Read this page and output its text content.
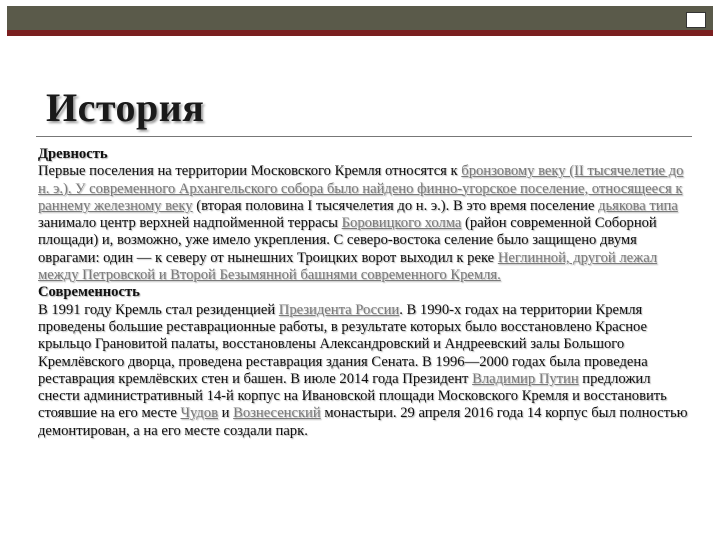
История

Древность

Первые поселения на территории Московского Кремля относятся к бронзовому веку (II тысячелетие до н. э.). У современного Архангельского собора было найдено финно-угорское поселение, относящееся к раннему железному веку (вторая половина I тысячелетия до н. э.). В это время поселение дьякова типа занимало центр верхней надпойменной террасы Боровицкого холма (район современной Соборной площади) и, возможно, уже имело укрепления. С северо-востока селение было защищено двумя оврагами: один — к северу от нынешних Троицких ворот выходил к реке Неглинной, другой лежал между Петровской и Второй Безымянной башнями современного Кремля.

Современность

В 1991 году Кремль стал резиденцией Президента России. В 1990-х годах на территории Кремля проведены большие реставрационные работы, в результате которых было восстановлено Красное крыльцо Грановитой палаты, восстановлены Александровский и Андреевский залы Большого Кремлёвского дворца, проведена реставрация здания Сената. В 1996—2000 годах была проведена реставрация кремлёвских стен и башен. В июле 2014 года Президент Владимир Путин предложил снести административный 14-й корпус на Ивановской площади Московского Кремля и восстановить стоявшие на его месте Чудов и Вознесенский монастыри. 29 апреля 2016 года 14 корпус был полностью демонтирован, а на его месте создали парк.
